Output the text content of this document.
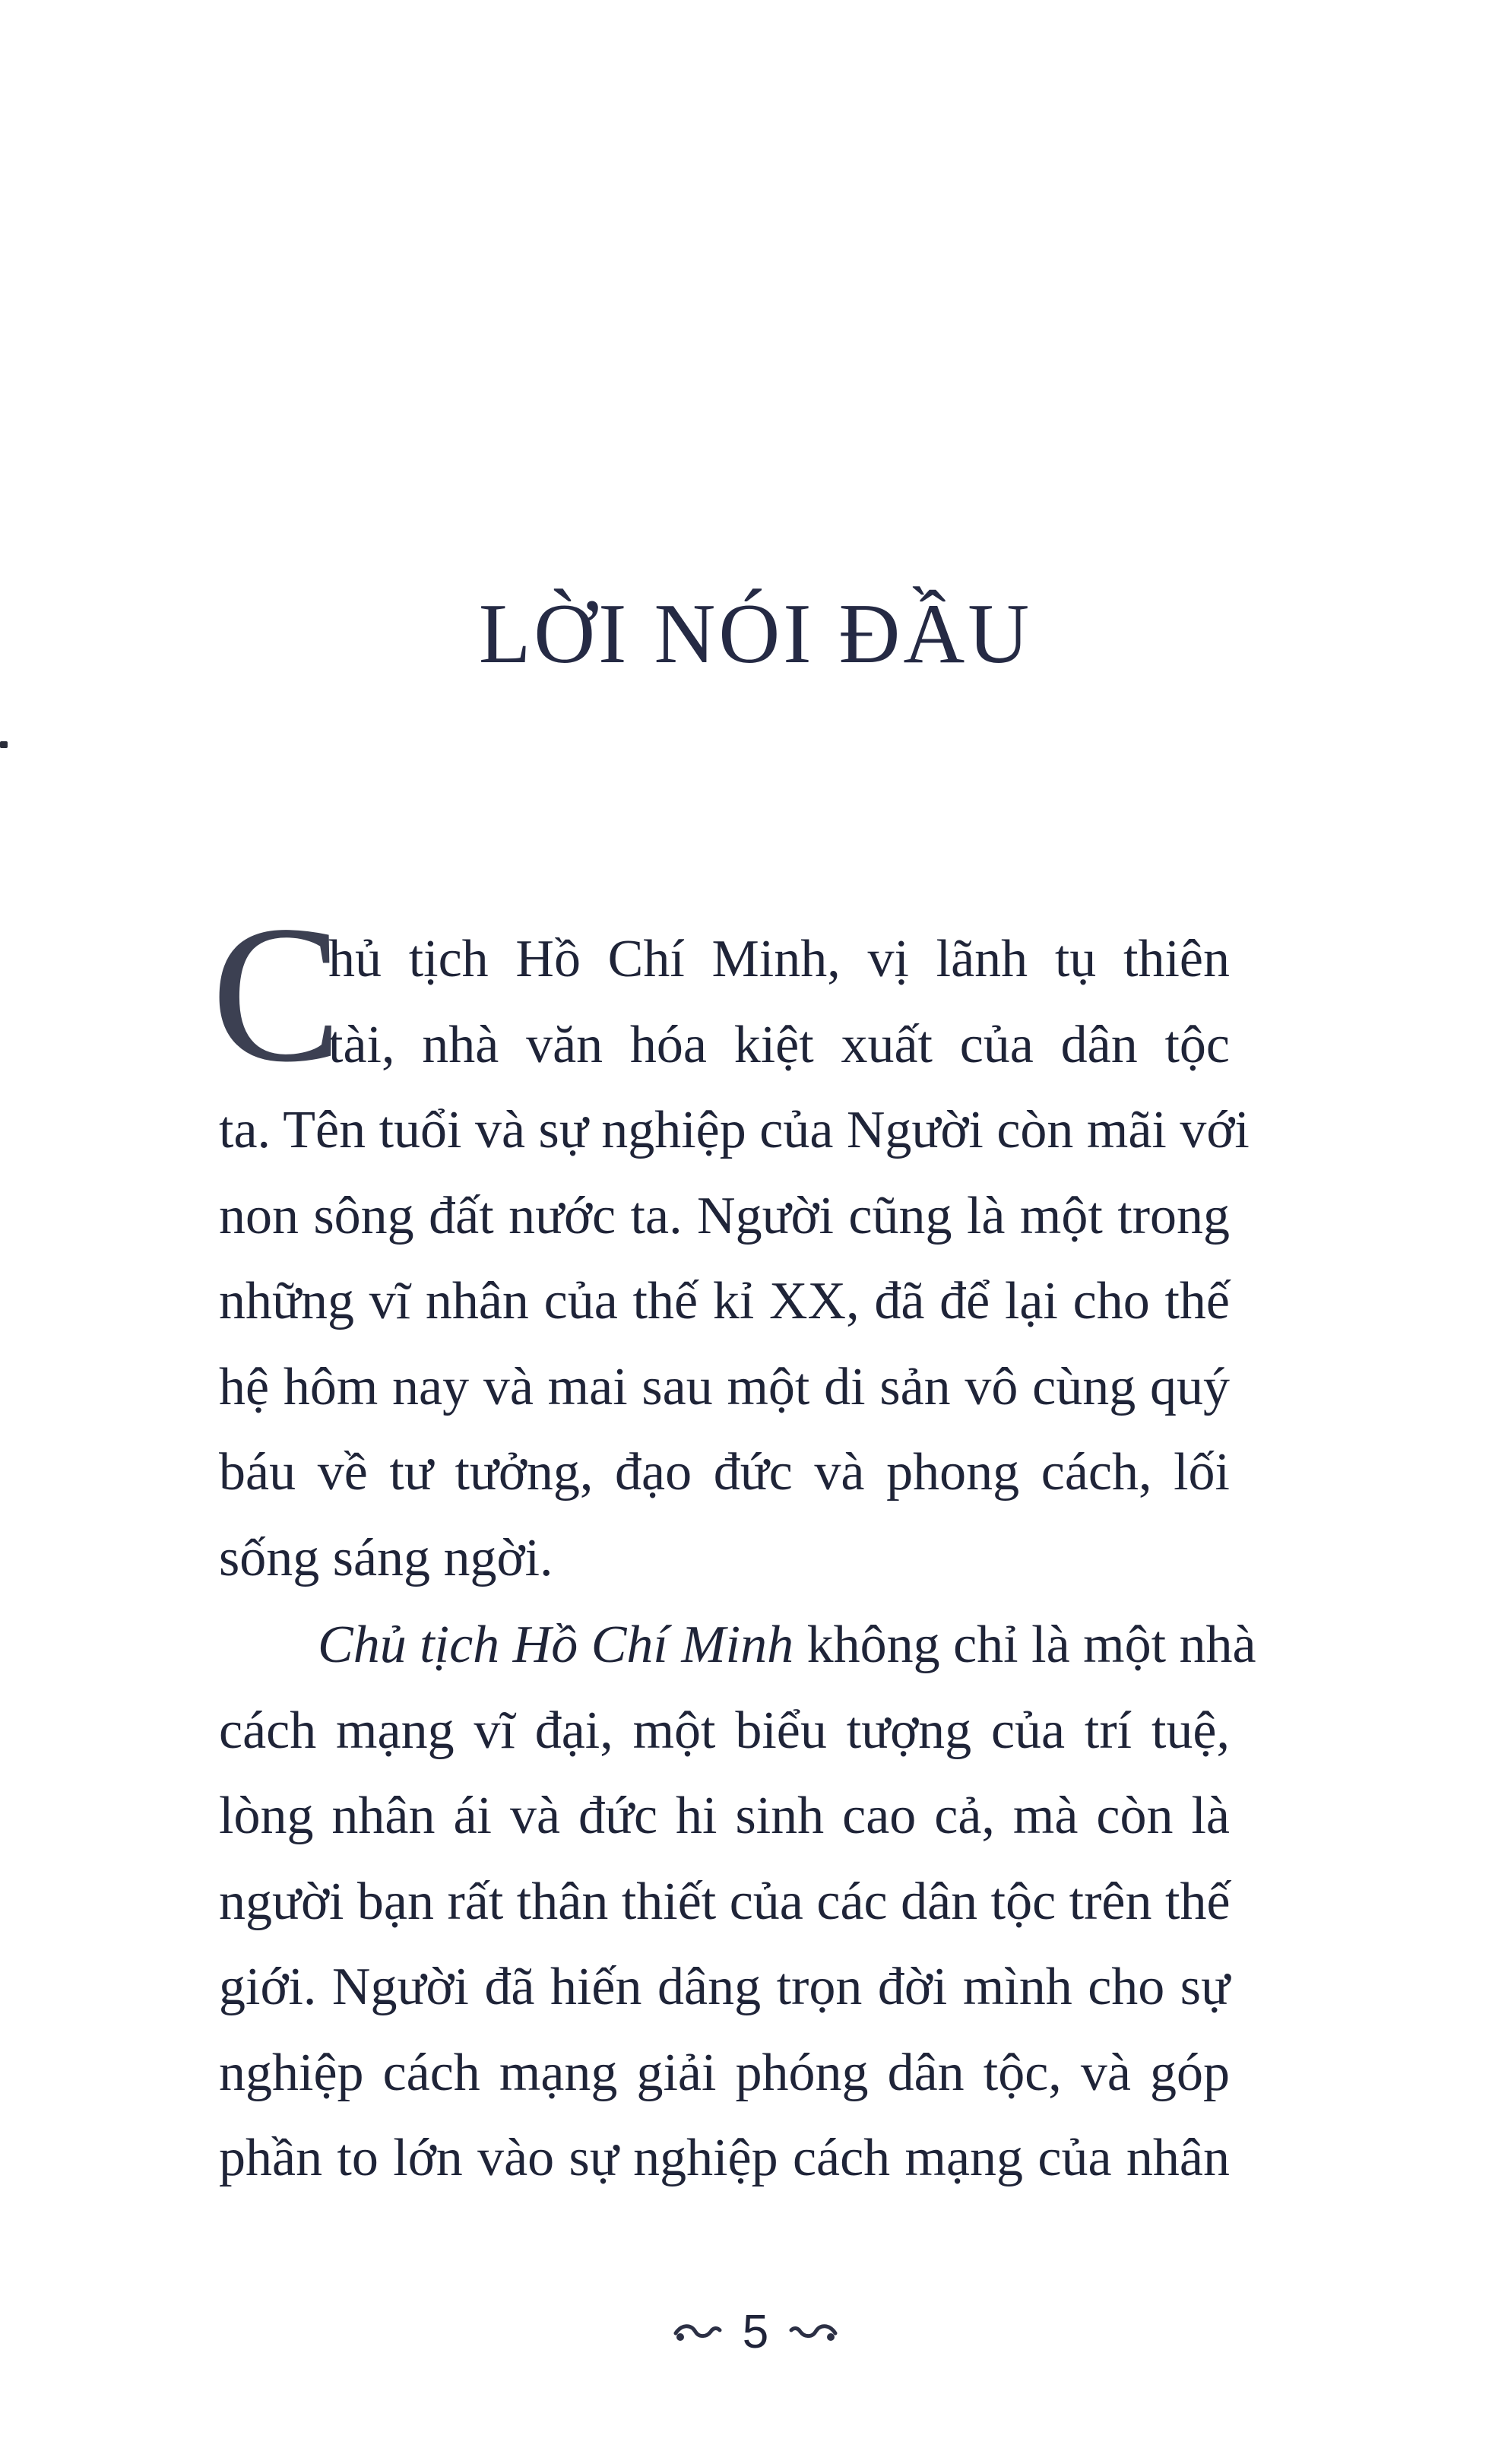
LỜI NÓI ĐẦU
C
hủ tịch Hồ Chí Minh, vị lãnh tụ thiên
tài, nhà văn hóa kiệt xuất của dân tộc
ta. Tên tuổi và sự nghiệp của Người còn mãi với
non sông đất nước ta. Người cũng là một trong
những vĩ nhân của thế kỉ XX, đã để lại cho thế
hệ hôm nay và mai sau một di sản vô cùng quý
báu về tư tưởng, đạo đức và phong cách, lối
sống sáng ngời.
Chủ tịch Hồ Chí Minh không chỉ là một nhà
cách mạng vĩ đại, một biểu tượng của trí tuệ,
lòng nhân ái và đức hi sinh cao cả, mà còn là
người bạn rất thân thiết của các dân tộc trên thế
giới. Người đã hiến dâng trọn đời mình cho sự
nghiệp cách mạng giải phóng dân tộc, và góp
phần to lớn vào sự nghiệp cách mạng của nhân
5
